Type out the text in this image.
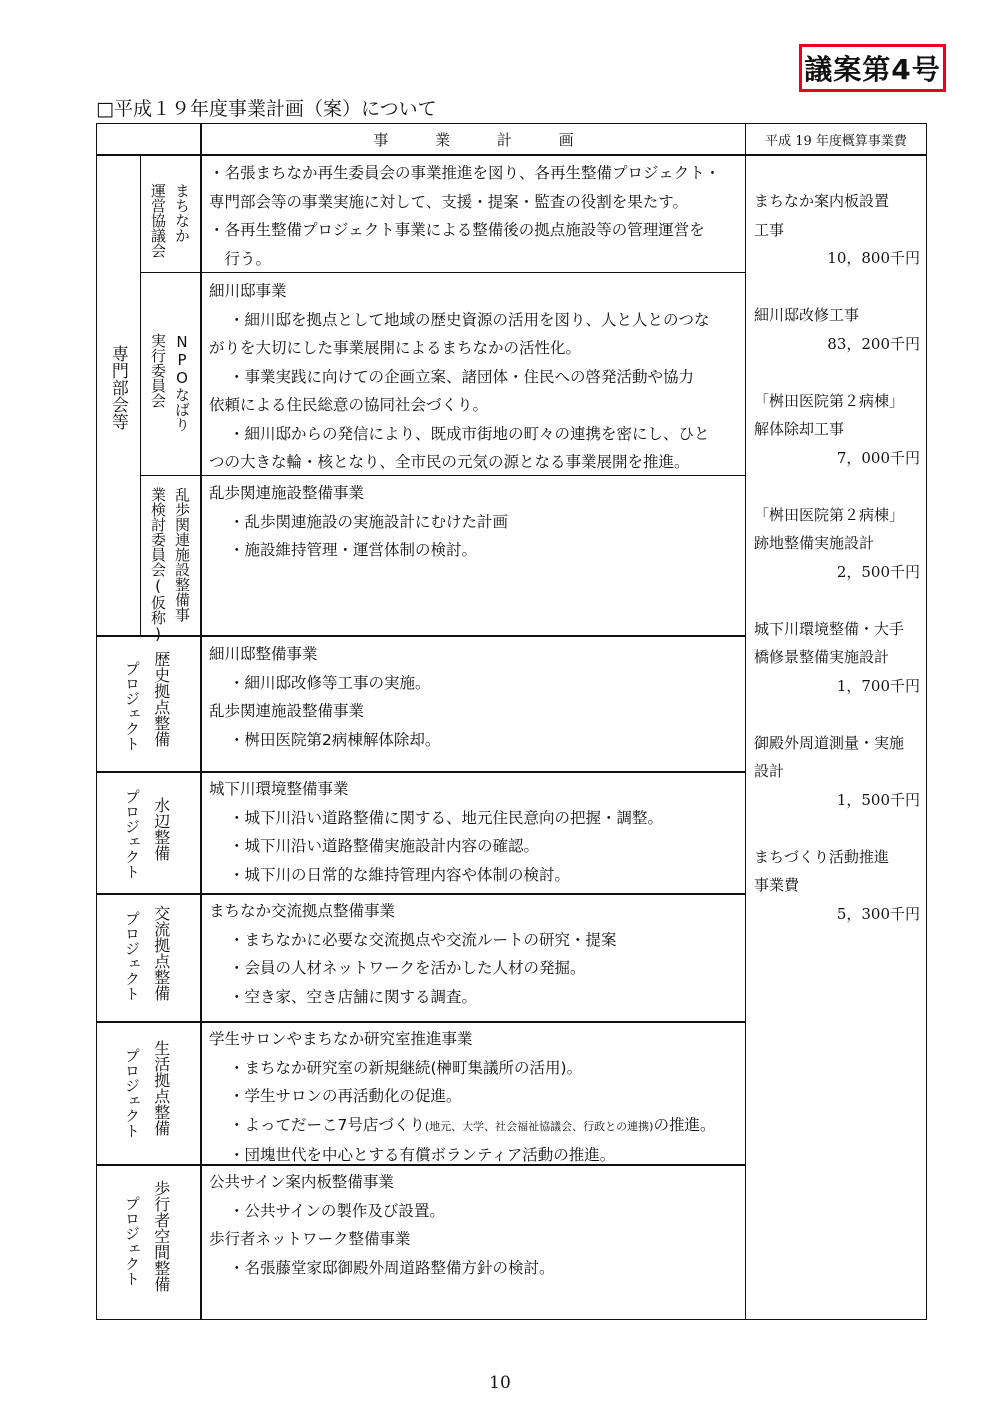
議案第4号
□平成１９年度事業計画（案）について
事 業 計 画	平成 19 年度概算事業費
専門部会等
まちなか
運営協議会
NPOなばり
実行委員会
乱歩関連施設整備事
業検討委員会(仮称)
・名張まちなか再生委員会の事業推進を図り、各再生整備プロジェクト・
専門部会等の事業実施に対して、支援・提案・監査の役割を果たす。
・各再生整備プロジェクト事業による整備後の拠点施設等の管理運営を
　行う。
細川邸事業
・細川邸を拠点として地域の歴史資源の活用を図り、人と人とのつな
がりを大切にした事業展開によるまちなかの活性化。
・事業実践に向けての企画立案、諸団体・住民への啓発活動や協力
依頼による住民総意の協同社会づくり。
・細川邸からの発信により、既成市街地の町々の連携を密にし、ひと
つの大きな輪・核となり、全市民の元気の源となる事業展開を推進。
乱歩関連施設整備事業
・乱歩関連施設の実施設計にむけた計画
・施設維持管理・運営体制の検討。
歴史拠点整備
プロジェクト
水辺整備
プロジェクト
交流拠点整備
プロジェクト
生活拠点整備
プロジェクト
歩行者空間整備
プロジェクト
細川邸整備事業
・細川邸改修等工事の実施。
乱歩関連施設整備事業
・桝田医院第2病棟解体除却。
城下川環境整備事業
・城下川沿い道路整備に関する、地元住民意向の把握・調整。
・城下川沿い道路整備実施設計内容の確認。
・城下川の日常的な維持管理内容や体制の検討。
まちなか交流拠点整備事業
・まちなかに必要な交流拠点や交流ルートの研究・提案
・会員の人材ネットワークを活かした人材の発掘。
・空き家、空き店舗に関する調査。
学生サロンやまちなか研究室推進事業
・まちなか研究室の新規継続(榊町集議所の活用)。
・学生サロンの再活動化の促進。
・よってだーこ7号店づくり(地元、大学、社会福祉協議会、行政との連携)の推進。
・団塊世代を中心とする有償ボランティア活動の推進。
公共サイン案内板整備事業
・公共サインの製作及び設置。
歩行者ネットワーク整備事業
・名張藤堂家邸御殿外周道路整備方針の検討。
まちなか案内板設置
工事
10，800千円
細川邸改修工事
83，200千円
「桝田医院第２病棟」
解体除却工事
7，000千円
「桝田医院第２病棟」
跡地整備実施設計
2，500千円
城下川環境整備・大手
橋修景整備実施設計
1，700千円
御殿外周道測量・実施
設計
1，500千円
まちづくり活動推進
事業費
5，300千円
10
